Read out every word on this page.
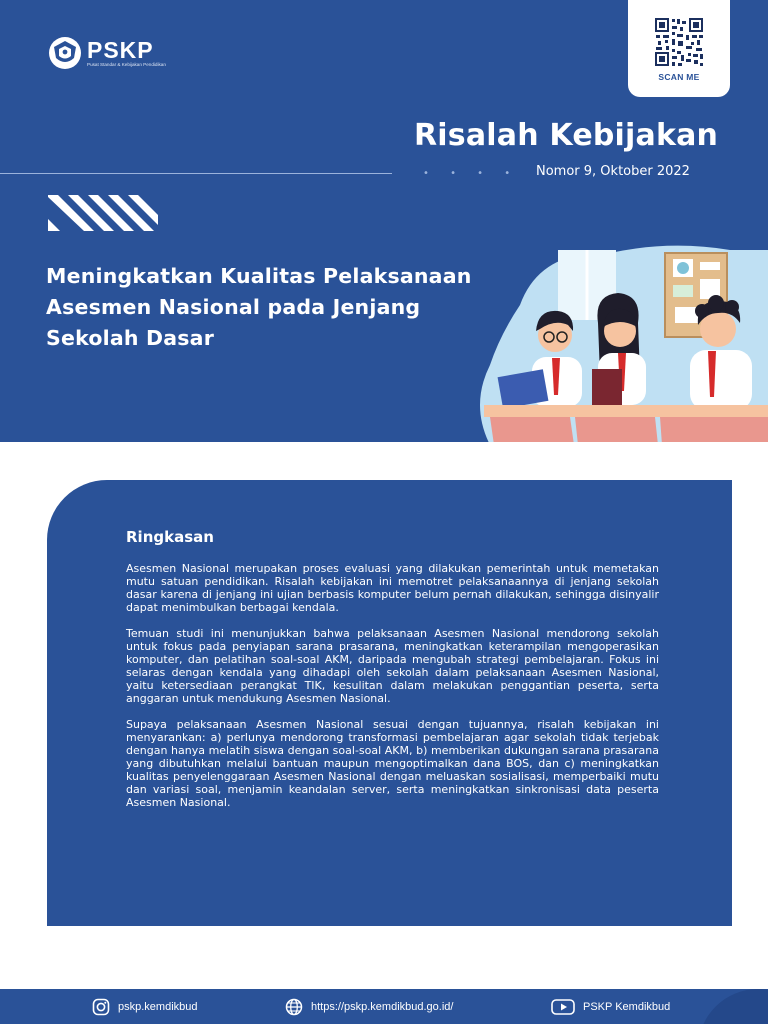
PSKP
Pusat Standar & Kebijakan Pendidikan
SCAN ME
Risalah Kebijakan
• • • • Nomor 9, Oktober 2022
Meningkatkan Kualitas Pelaksanaan
Asesmen Nasional pada Jenjang
Sekolah Dasar
Ringkasan

Asesmen Nasional merupakan proses evaluasi yang dilakukan pemerintah untuk memetakan mutu satuan pendidikan. Risalah kebijakan ini memotret pelaksanaannya di jenjang sekolah dasar karena di jenjang ini ujian berbasis komputer belum pernah dilakukan, sehingga disinyalir dapat menimbulkan berbagai kendala.

Temuan studi ini menunjukkan bahwa pelaksanaan Asesmen Nasional mendorong sekolah untuk fokus pada penyiapan sarana prasarana, meningkatkan keterampilan mengoperasikan komputer, dan pelatihan soal-soal AKM, daripada mengubah strategi pembelajaran. Fokus ini selaras dengan kendala yang dihadapi oleh sekolah dalam pelaksanaan Asesmen Nasional, yaitu ketersediaan perangkat TIK, kesulitan dalam melakukan penggantian peserta, serta anggaran untuk mendukung Asesmen Nasional.

Supaya pelaksanaan Asesmen Nasional sesuai dengan tujuannya, risalah kebijakan ini menyarankan: a) perlunya mendorong transformasi pembelajaran agar sekolah tidak terjebak dengan hanya melatih siswa dengan soal-soal AKM, b) memberikan dukungan sarana prasarana yang dibutuhkan melalui bantuan maupun mengoptimalkan dana BOS, dan c) meningkatkan kualitas penyelenggaraan Asesmen Nasional dengan meluaskan sosialisasi, memperbaiki mutu dan variasi soal, menjamin keandalan server, serta meningkatkan sinkronisasi data peserta Asesmen Nasional.

pskp.kemdikbud	https://pskp.kemdikbud.go.id/	PSKP Kemdikbud
